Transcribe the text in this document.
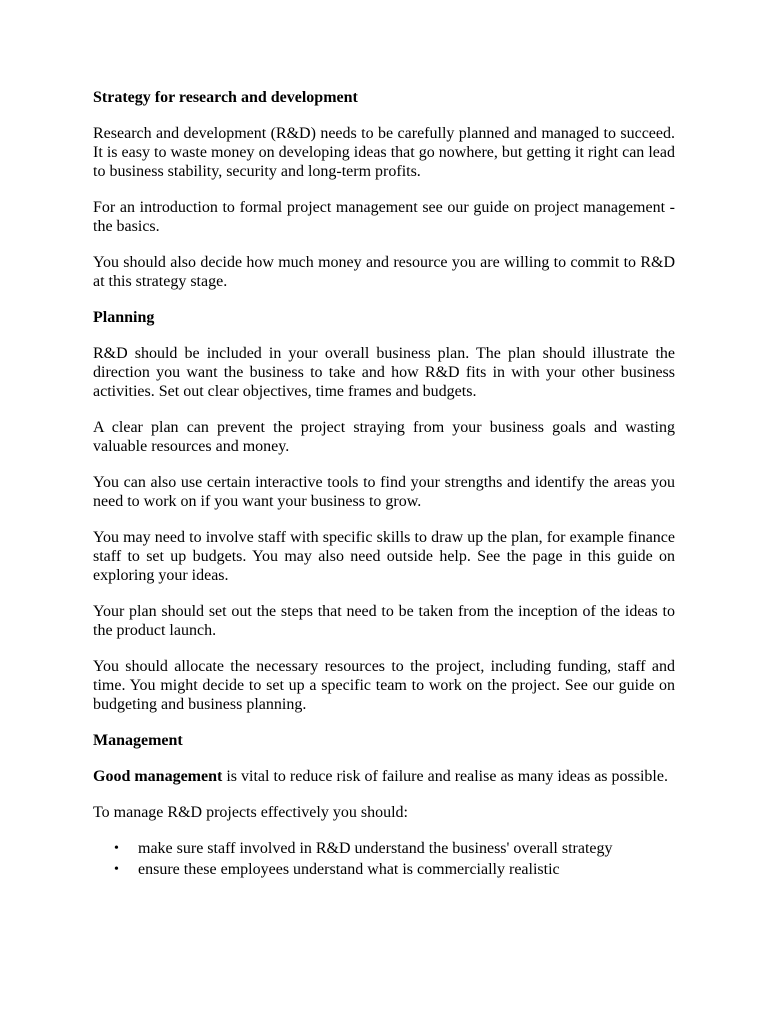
Strategy for research and development

Research and development (R&D) needs to be carefully planned and managed to succeed. It is easy to waste money on developing ideas that go nowhere, but getting it right can lead to business stability, security and long-term profits.

For an introduction to formal project management see our guide on project management - the basics.

You should also decide how much money and resource you are willing to commit to R&D at this strategy stage.

Planning

R&D should be included in your overall business plan. The plan should illustrate the direction you want the business to take and how R&D fits in with your other business activities. Set out clear objectives, time frames and budgets.

A clear plan can prevent the project straying from your business goals and wasting valuable resources and money.

You can also use certain interactive tools to find your strengths and identify the areas you need to work on if you want your business to grow.

You may need to involve staff with specific skills to draw up the plan, for example finance staff to set up budgets. You may also need outside help. See the page in this guide on exploring your ideas.

Your plan should set out the steps that need to be taken from the inception of the ideas to the product launch.

You should allocate the necessary resources to the project, including funding, staff and time. You might decide to set up a specific team to work on the project. See our guide on budgeting and business planning.

Management

Good management is vital to reduce risk of failure and realise as many ideas as possible.

To manage R&D projects effectively you should:

• make sure staff involved in R&D understand the business' overall strategy
• ensure these employees understand what is commercially realistic
